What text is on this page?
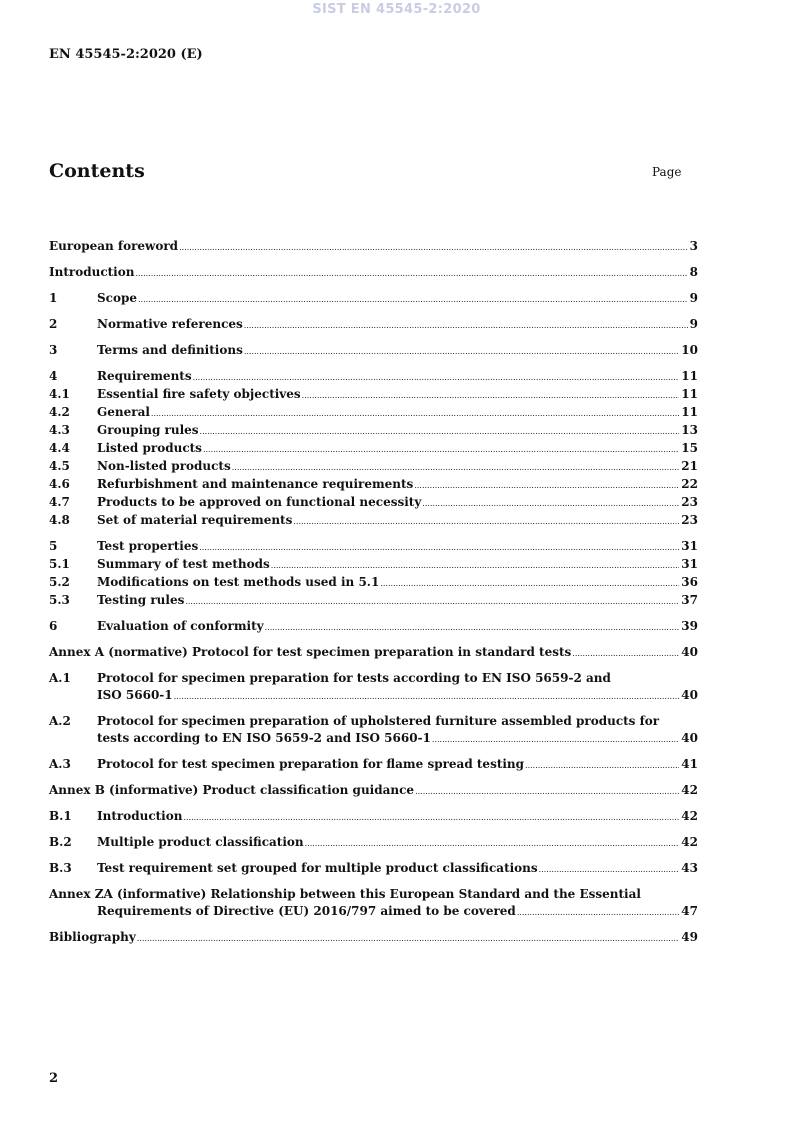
SIST EN 45545-2:2020
EN 45545-2:2020 (E)
Contents	Page
European foreword .....	3
Introduction .....	8
1	Scope .....	9
2	Normative references .....	9
3	Terms and definitions .....	10
4	Requirements .....	11
4.1	Essential fire safety objectives .....	11
4.2	General .....	11
4.3	Grouping rules .....	13
4.4	Listed products .....	15
4.5	Non-listed products .....	21
4.6	Refurbishment and maintenance requirements .....	22
4.7	Products to be approved on functional necessity .....	23
4.8	Set of material requirements .....	23
5	Test properties .....	31
5.1	Summary of test methods .....	31
5.2	Modifications on test methods used in 5.1 .....	36
5.3	Testing rules .....	37
6	Evaluation of conformity .....	39
Annex A (normative) Protocol for test specimen preparation in standard tests .....	40
A.1	Protocol for specimen preparation for tests according to EN ISO 5659-2 and
ISO 5660-1 .....	40
A.2	Protocol for specimen preparation of upholstered furniture assembled products for
tests according to EN ISO 5659-2 and ISO 5660-1 .....	40
A.3	Protocol for test specimen preparation for flame spread testing .....	41
Annex B (informative) Product classification guidance .....	42
B.1	Introduction .....	42
B.2	Multiple product classification .....	42
B.3	Test requirement set grouped for multiple product classifications .....	43
Annex ZA (informative) Relationship between this European Standard and the Essential
Requirements of Directive (EU) 2016/797 aimed to be covered .....	47
Bibliography .....	49
2
